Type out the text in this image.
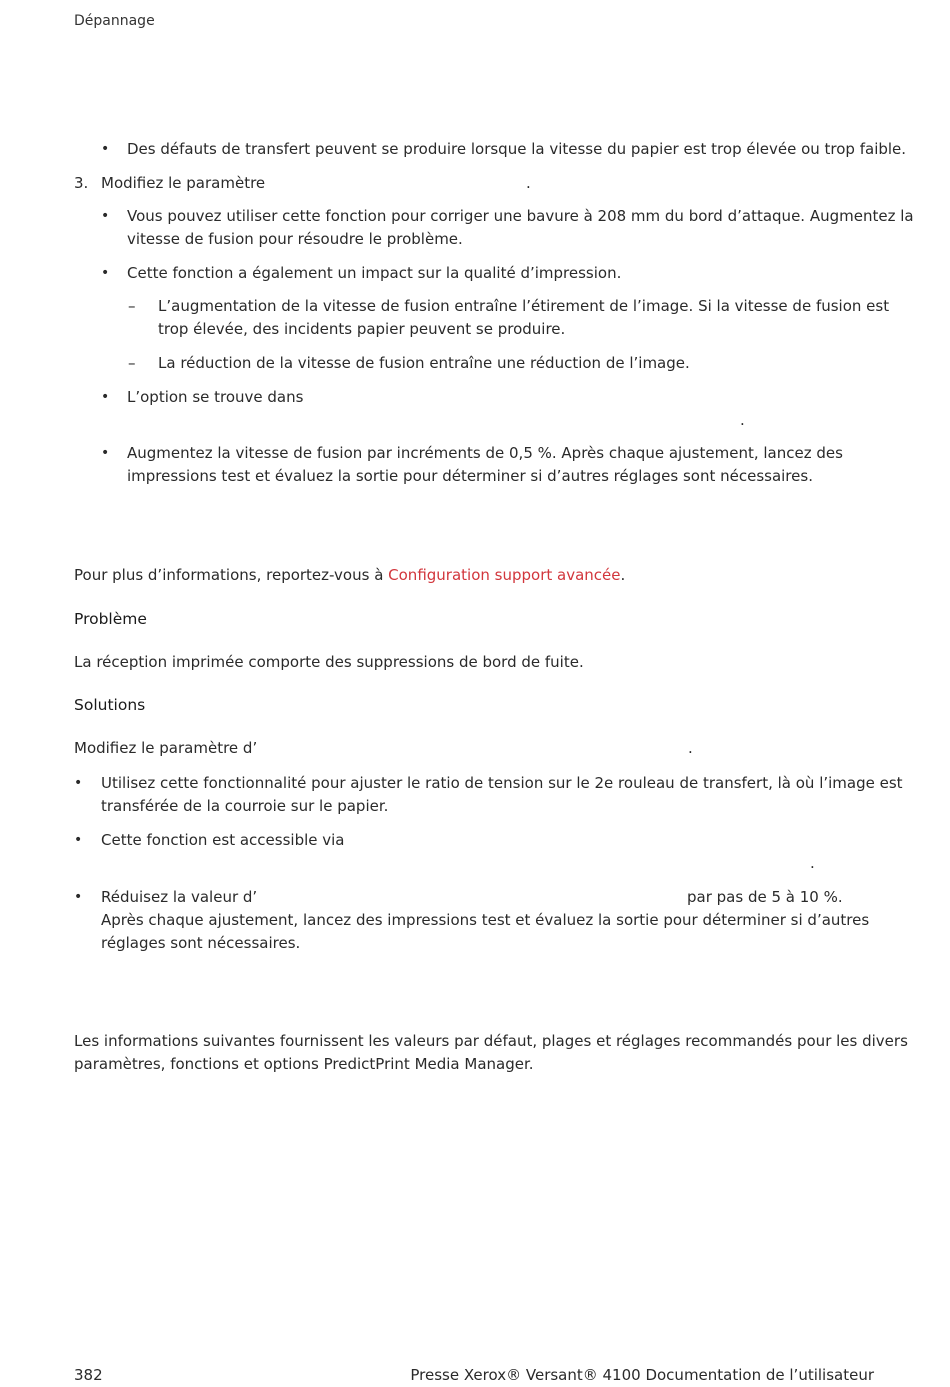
Dépannage
• Des défauts de transfert peuvent se produire lorsque la vitesse du papier est trop élevée ou trop faible.
3. Modifiez le paramètre	.
• Vous pouvez utiliser cette fonction pour corriger une bavure à 208 mm du bord d’attaque. Augmentez la
vitesse de fusion pour résoudre le problème.
• Cette fonction a également un impact sur la qualité d’impression.
– L’augmentation de la vitesse de fusion entraîne l’étirement de l’image. Si la vitesse de fusion est
trop élevée, des incidents papier peuvent se produire.
– La réduction de la vitesse de fusion entraîne une réduction de l’image.
• L’option se trouve dans
.
• Augmentez la vitesse de fusion par incréments de 0,5 %. Après chaque ajustement, lancez des
impressions test et évaluez la sortie pour déterminer si d’autres réglages sont nécessaires.
Pour plus d’informations, reportez-vous à Configuration support avancée.
Problème
La réception imprimée comporte des suppressions de bord de fuite.
Solutions
Modifiez le paramètre d’	.
• Utilisez cette fonctionnalité pour ajuster le ratio de tension sur le 2e rouleau de transfert, là où l’image est
transférée de la courroie sur le papier.
• Cette fonction est accessible via
.
• Réduisez la valeur d’	par pas de 5 à 10 %.
Après chaque ajustement, lancez des impressions test et évaluez la sortie pour déterminer si d’autres
réglages sont nécessaires.
Les informations suivantes fournissent les valeurs par défaut, plages et réglages recommandés pour les divers
paramètres, fonctions et options PredictPrint Media Manager.
382	Presse Xerox® Versant® 4100 Documentation de l’utilisateur
